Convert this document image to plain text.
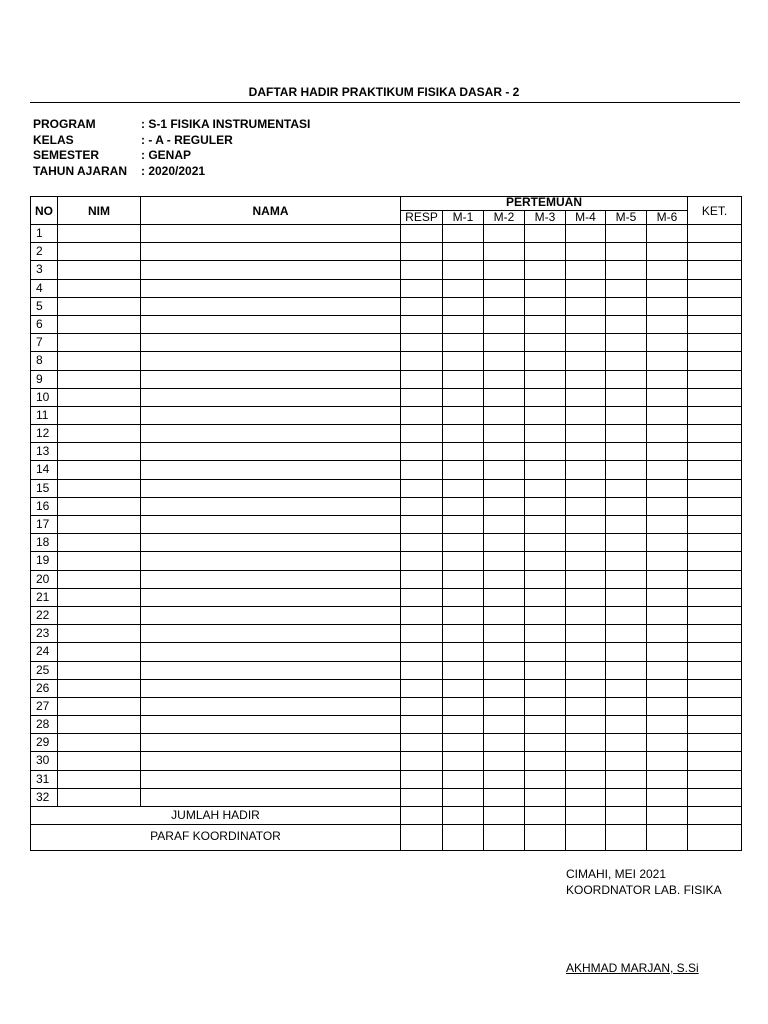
DAFTAR HADIR PRAKTIKUM FISIKA DASAR - 2
PROGRAM	: S-1 FISIKA INSTRUMENTASI
KELAS	: - A - REGULER
SEMESTER	: GENAP
TAHUN AJARAN : 2020/2021
NO	NIM	NAMA	PERTEMUAN							KET.
			RESP	M-1	M-2	M-3	M-4	M-5	M-6	
1										
2										
3										
4										
5										
6										
7										
8										
9										
10										
11										
12										
13										
14										
15										
16										
17										
18										
19										
20										
21										
22										
23										
24										
25										
26										
27										
28										
29										
30										
31										
32										
JUMLAH HADIR										
PARAF KOORDINATOR										
CIMAHI, MEI 2021
KOORDNATOR LAB. FISIKA
AKHMAD MARJAN, S.Si
